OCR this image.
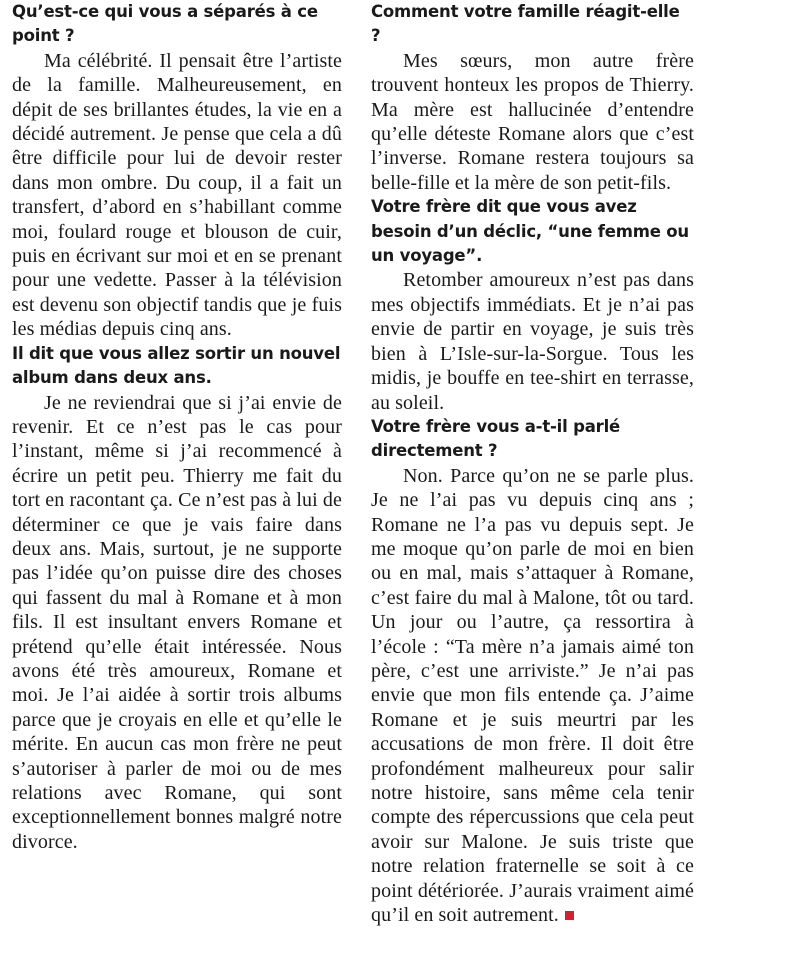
Qu’est-ce qui vous a séparés à ce point ?

Ma célébrité. Il pensait être l’artiste de la famille. Malheureusement, en dépit de ses brillantes études, la vie en a décidé autrement. Je pense que cela a dû être difficile pour lui de devoir rester dans mon ombre. Du coup, il a fait un transfert, d’abord en s’habillant comme moi, foulard rouge et blouson de cuir, puis en écrivant sur moi et en se prenant pour une vedette. Passer à la télévision est devenu son objectif tandis que je fuis les médias depuis cinq ans.

Il dit que vous allez sortir un nouvel album dans deux ans.

Je ne reviendrai que si j’ai envie de revenir. Et ce n’est pas le cas pour l’instant, même si j’ai recommencé à écrire un petit peu. Thierry me fait du tort en racontant ça. Ce n’est pas à lui de déterminer ce que je vais faire dans deux ans. Mais, surtout, je ne supporte pas l’idée qu’on puisse dire des choses qui fassent du mal à Romane et à mon fils. Il est insultant envers Romane et prétend qu’elle était intéressée. Nous avons été très amoureux, Romane et moi. Je l’ai aidée à sortir trois albums parce que je croyais en elle et qu’elle le mérite. En aucun cas mon frère ne peut s’autoriser à parler de moi ou de mes relations avec Romane, qui sont exceptionnellement bonnes malgré notre divorce.

Comment votre famille réagit-elle ?

Mes sœurs, mon autre frère trouvent honteux les propos de Thierry. Ma mère est hallucinée d’entendre qu’elle déteste Romane alors que c’est l’inverse. Romane restera toujours sa belle-fille et la mère de son petit-fils.

Votre frère dit que vous avez besoin d’un déclic, “une femme ou un voyage”.

Retomber amoureux n’est pas dans mes objectifs immédiats. Et je n’ai pas envie de partir en voyage, je suis très bien à L’Isle-sur-la-Sorgue. Tous les midis, je bouffe en tee-shirt en terrasse, au soleil.

Votre frère vous a-t-il parlé directement ?

Non. Parce qu’on ne se parle plus. Je ne l’ai pas vu depuis cinq ans ; Romane ne l’a pas vu depuis sept. Je me moque qu’on parle de moi en bien ou en mal, mais s’attaquer à Romane, c’est faire du mal à Malone, tôt ou tard. Un jour ou l’autre, ça ressortira à l’école : “Ta mère n’a jamais aimé ton père, c’est une arriviste.” Je n’ai pas envie que mon fils entende ça. J’aime Romane et je suis meurtri par les accusations de mon frère. Il doit être profondément malheureux pour salir notre histoire, sans même cela tenir compte des répercussions que cela peut avoir sur Malone. Je suis triste que notre relation fraternelle se soit à ce point détériorée. J’aurais vraiment aimé qu’il en soit autrement.
